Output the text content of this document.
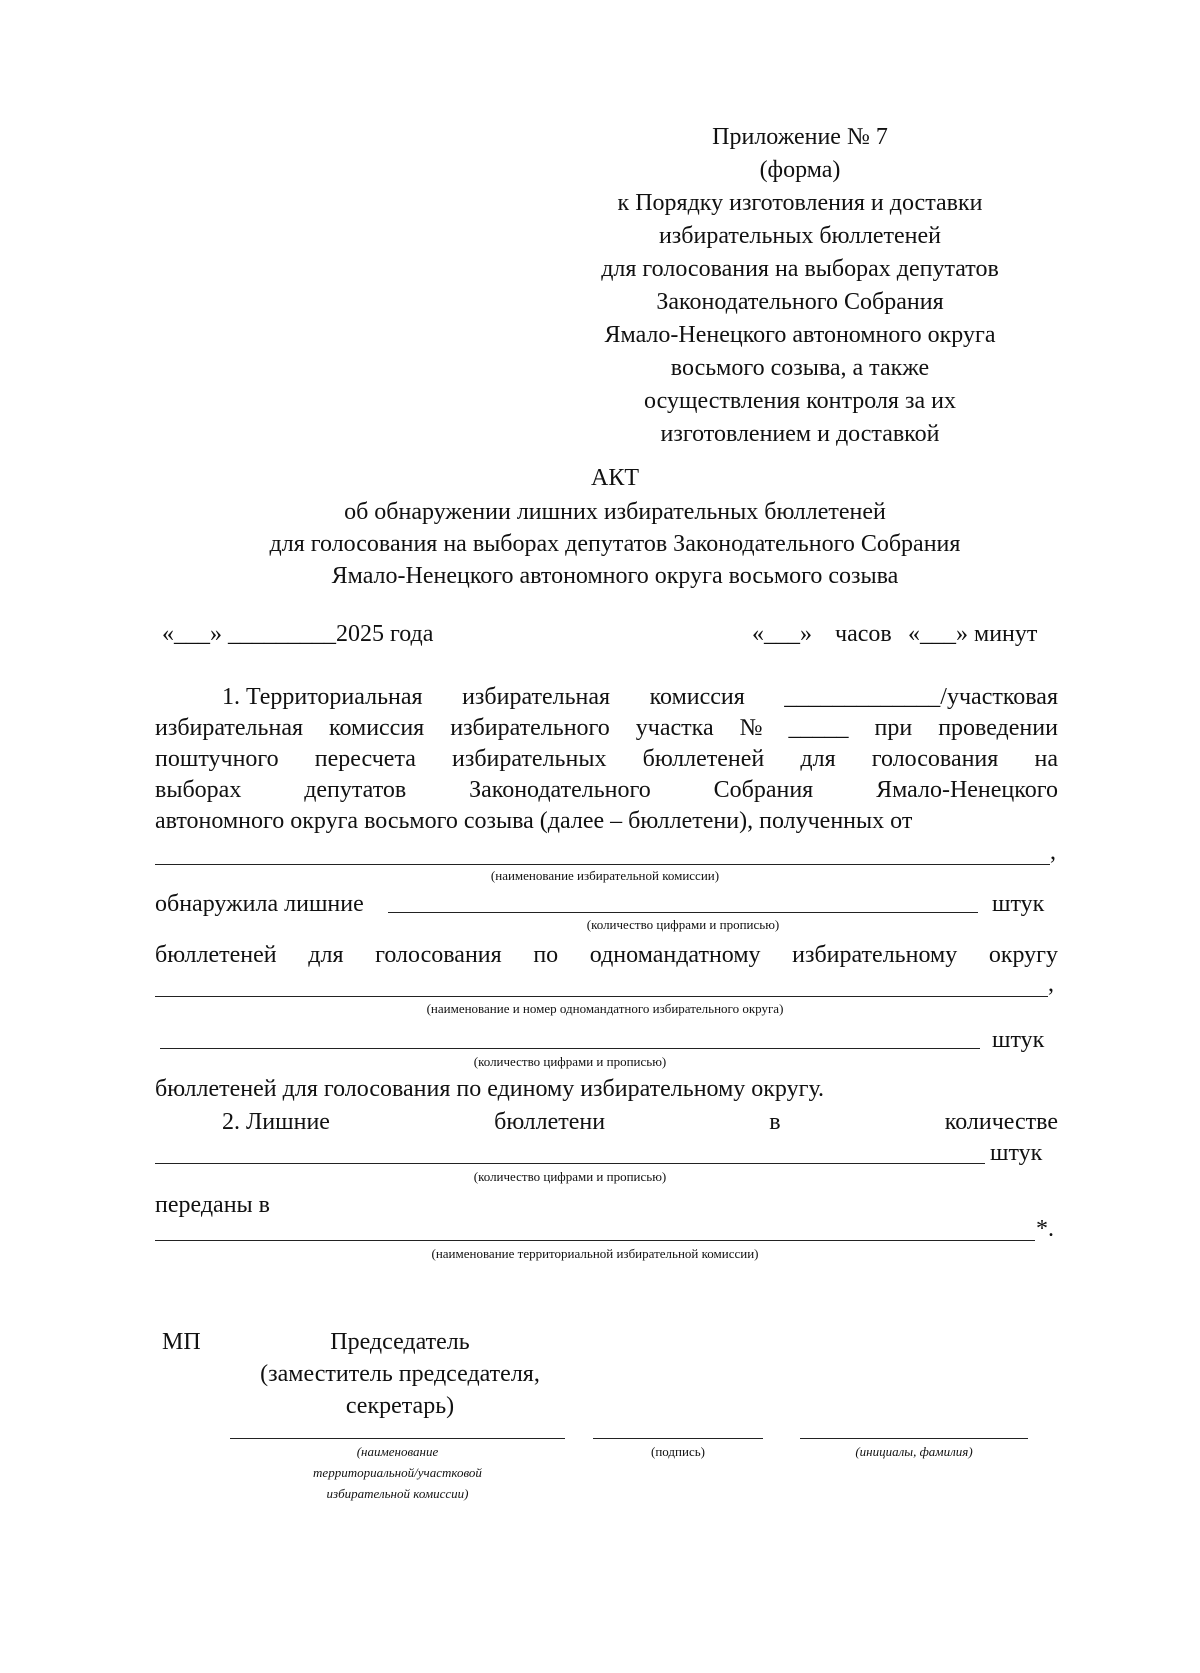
Приложение № 7
(форма)
к Порядку изготовления и доставки
избирательных бюллетеней
для голосования на выборах депутатов
Законодательного Собрания
Ямало-Ненецкого автономного округа
восьмого созыва, а также
осуществления контроля за их
изготовлением и доставкой
АКТ
об обнаружении лишних избирательных бюллетеней
для голосования на выборах депутатов Законодательного Собрания
Ямало-Ненецкого автономного округа восьмого созыва
«___» _________2025 года	«___» часов «___» минут
1. Территориальная избирательная комиссия _____________/участковая
избирательная комиссия избирательного участка № _____ при проведении
поштучного пересчета избирательных бюллетеней для голосования на
выборах	депутатов	Законодательного	Собрания	Ямало-Ненецкого
автономного округа восьмого созыва (далее – бюллетени), полученных от
,
(наименование избирательной комиссии)
обнаружила лишние	штук
(количество цифрами и прописью)
бюллетеней для голосования по одномандатному избирательному округу
,
(наименование и номер одномандатного избирательного округа)
штук
(количество цифрами и прописью)
бюллетеней для голосования по единому избирательному округу.
2. Лишние	бюллетени	в	количестве
штук
(количество цифрами и прописью)
переданы в
*.
(наименование территориальной избирательной комиссии)
МП	Председатель
(заместитель председателя,
секретарь)
(наименование
территориальной/участковой
избирательной комиссии)
(подпись)	(инициалы, фамилия)
